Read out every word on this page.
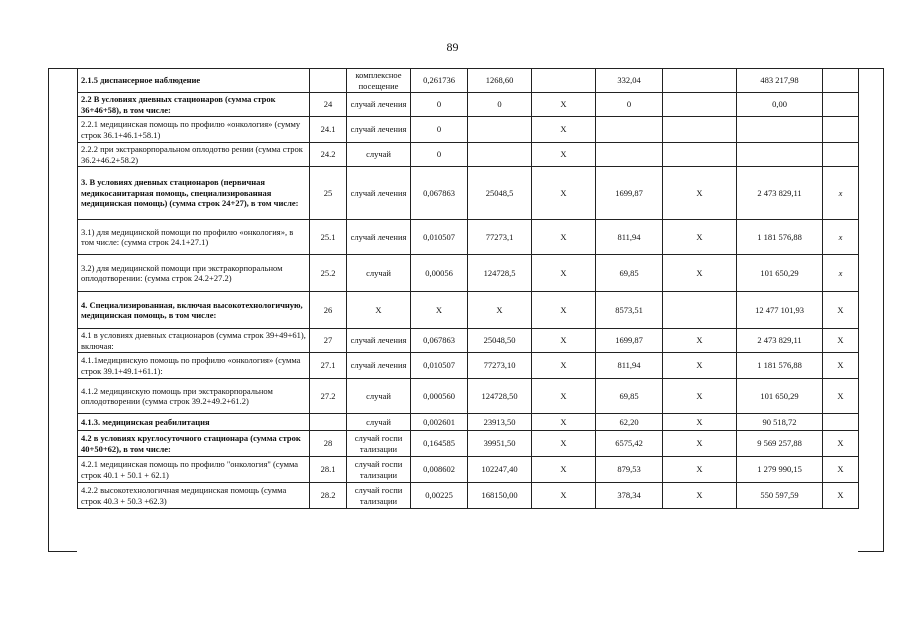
89
2.1.5 диспансерное наблюдение		комплексное посещение	0,261736	1268,60		332,04		483 217,98	
2.2 В условиях дневных стационаров (сумма строк 36+46+58), в том числе:	24	случай лечения	0	0	Х	0		0,00	
2.2.1 медицинская помощь по профилю «онкология» (сумму строк 36.1+46.1+58.1)	24.1	случай лечения	0		Х				
2.2.2 при экстракорпоральном оплодотво рении (сумма строк 36.2+46.2+58.2)	24.2	случай	0		Х				
3. В условиях дневных стационаров (первичная медикосанитарная помощь, специализированная медицинская помощь) (сумма строк 24+27), в том числе:	25	случай лечения	0,067863	25048,5	Х	1699,87	Х	2 473 829,11	х
3.1) для медицинской помощи по профилю «онкология», в том числе: (сумма строк 24.1+27.1)	25.1	случай лечения	0,010507	77273,1	Х	811,94	Х	1 181 576,88	х
3.2) для медицинской помощи при экстракорпоральном оплодотворении: (сумма строк 24.2+27.2)	25.2	случай	0,00056	124728,5	Х	69,85	Х	101 650,29	х
4. Специализированная, включая высокотехнологичную, медицинская помощь, в том числе:	26	Х	Х	Х	Х	8573,51		12 477 101,93	Х
4.1 в условиях дневных стационаров (сумма строк 39+49+61), включая:	27	случай лечения	0,067863	25048,50	Х	1699,87	Х	2 473 829,11	Х
4.1.1медицинскую помощь по профилю «онкология» (сумма строк 39.1+49.1+61.1):	27.1	случай лечения	0,010507	77273,10	Х	811,94	Х	1 181 576,88	Х
4.1.2 медицинскую помощь при экстракорпоральном оплодотворении (сумма строк 39.2+49.2+61.2)	27.2	случай	0,000560	124728,50	Х	69,85	Х	101 650,29	Х
4.1.3. медицинская реабилитация		случай	0,002601	23913,50	Х	62,20	Х	90 518,72	
4.2 в условиях круглосуточного стационара (сумма строк 40+50+62), в том числе:	28	случай госпи тализации	0,164585	39951,50	Х	6575,42	Х	9 569 257,88	Х
4.2.1 медицинская помощь по профилю "онкология" (сумма строк 40.1 + 50.1 + 62.1)	28.1	случай госпи тализации	0,008602	102247,40	Х	879,53	Х	1 279 990,15	Х
4.2.2 высокотехнологичная медицинская помощь (сумма строк 40.3 + 50.3 +62.3)	28.2	случай госпи тализации	0,00225	168150,00	Х	378,34	Х	550 597,59	Х
